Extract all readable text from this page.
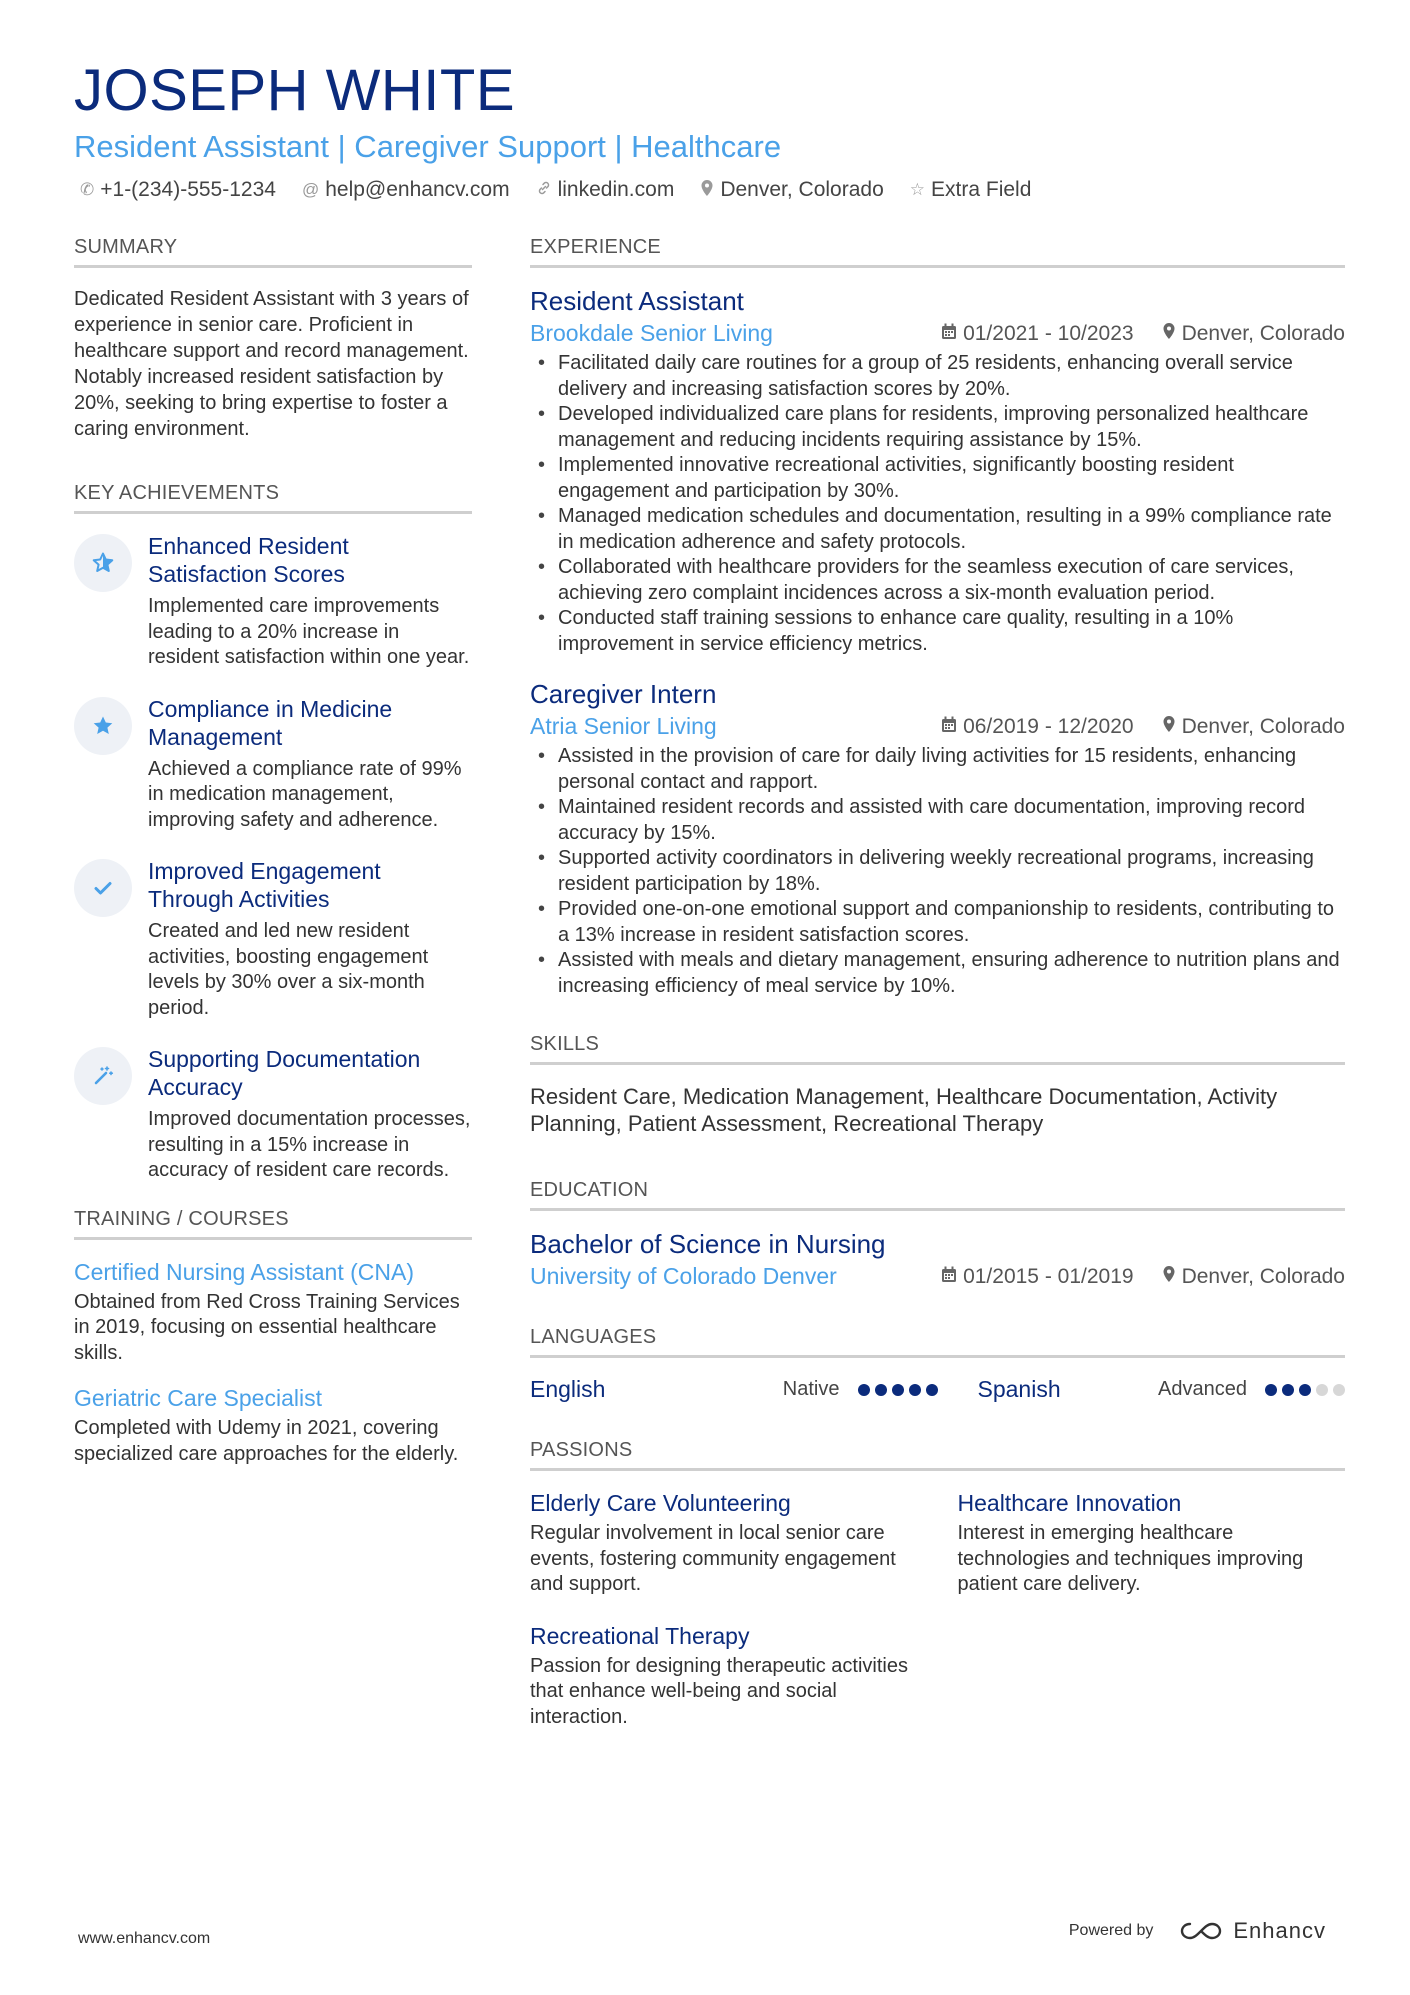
JOSEPH WHITE
Resident Assistant | Caregiver Support | Healthcare
✆ +1-(234)-555-1234 @ help@enhancv.com linkedin.com Denver, Colorado ☆ Extra Field
SUMMARY
Dedicated Resident Assistant with 3 years of experience in senior care. Proficient in healthcare support and record management. Notably increased resident satisfaction by 20%, seeking to bring expertise to foster a caring environment.
KEY ACHIEVEMENTS
Enhanced Resident Satisfaction Scores
Implemented care improvements leading to a 20% increase in resident satisfaction within one year.
Compliance in Medicine Management
Achieved a compliance rate of 99% in medication management, improving safety and adherence.
Improved Engagement Through Activities
Created and led new resident activities, boosting engagement levels by 30% over a six-month period.
Supporting Documentation Accuracy
Improved documentation processes, resulting in a 15% increase in accuracy of resident care records.
TRAINING / COURSES
Certified Nursing Assistant (CNA)
Obtained from Red Cross Training Services in 2019, focusing on essential healthcare skills.
Geriatric Care Specialist
Completed with Udemy in 2021, covering specialized care approaches for the elderly.
EXPERIENCE
Resident Assistant
Brookdale Senior Living	01/2021 - 10/2023 Denver, Colorado
• Facilitated daily care routines for a group of 25 residents, enhancing overall service delivery and increasing satisfaction scores by 20%.
• Developed individualized care plans for residents, improving personalized healthcare management and reducing incidents requiring assistance by 15%.
• Implemented innovative recreational activities, significantly boosting resident engagement and participation by 30%.
• Managed medication schedules and documentation, resulting in a 99% compliance rate in medication adherence and safety protocols.
• Collaborated with healthcare providers for the seamless execution of care services, achieving zero complaint incidences across a six-month evaluation period.
• Conducted staff training sessions to enhance care quality, resulting in a 10% improvement in service efficiency metrics.
Caregiver Intern
Atria Senior Living	06/2019 - 12/2020 Denver, Colorado
• Assisted in the provision of care for daily living activities for 15 residents, enhancing personal contact and rapport.
• Maintained resident records and assisted with care documentation, improving record accuracy by 15%.
• Supported activity coordinators in delivering weekly recreational programs, increasing resident participation by 18%.
• Provided one-on-one emotional support and companionship to residents, contributing to a 13% increase in resident satisfaction scores.
• Assisted with meals and dietary management, ensuring adherence to nutrition plans and increasing efficiency of meal service by 10%.
SKILLS
Resident Care, Medication Management, Healthcare Documentation, Activity Planning, Patient Assessment, Recreational Therapy
EDUCATION
Bachelor of Science in Nursing
University of Colorado Denver	01/2015 - 01/2019 Denver, Colorado
LANGUAGES
English	Native	Spanish	Advanced
PASSIONS
Elderly Care Volunteering
Regular involvement in local senior care events, fostering community engagement and support.
Healthcare Innovation
Interest in emerging healthcare technologies and techniques improving patient care delivery.
Recreational Therapy
Passion for designing therapeutic activities that enhance well-being and social interaction.
www.enhancv.com	Powered by	Enhancv
